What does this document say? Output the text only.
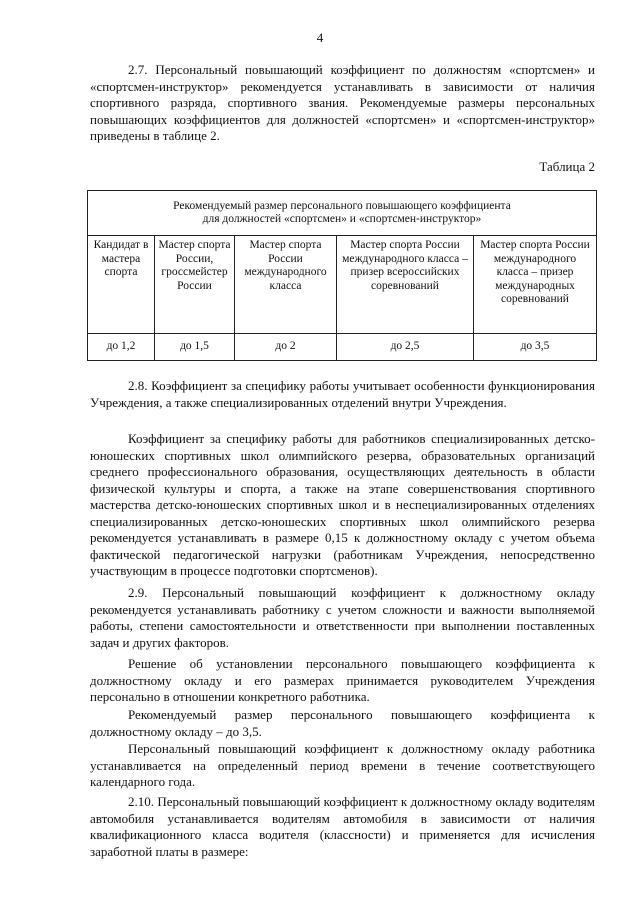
4

2.7. Персональный повышающий коэффициент по должностям «спортсмен» и «спортсмен-инструктор» рекомендуется устанавливать в зависимости от наличия спортивного разряда, спортивного звания. Рекомендуемые размеры персональных повышающих коэффициентов для должностей «спортсмен» и «спортсмен-инструктор» приведены в таблице 2.

Таблица 2
Рекомендуемый размер персонального повышающего коэффициента
для должностей «спортсмен» и «спортсмен-инструктор»				
Кандидат в мастера спорта	Мастер спорта России, гроссмейстер России	Мастер спорта России международного класса	Мастер спорта России международного класса – призер всероссийских соревнований	Мастер спорта России международного класса – призер международных соревнований
до 1,2	до 1,5	до 2	до 2,5	до 3,5

2.8. Коэффициент за специфику работы учитывает особенности функционирования Учреждения, а также специализированных отделений внутри Учреждения.

Коэффициент за специфику работы для работников специализированных детско-юношеских спортивных школ олимпийского резерва, образовательных организаций среднего профессионального образования, осуществляющих деятельность в области физической культуры и спорта, а также на этапе совершенствования спортивного мастерства детско-юношеских спортивных школ и в неспециализированных отделениях специализированных детско-юношеских спортивных школ олимпийского резерва рекомендуется устанавливать в размере 0,15 к должностному окладу с учетом объема фактической педагогической нагрузки (работникам Учреждения, непосредственно участвующим в процессе подготовки спортсменов).

2.9. Персональный повышающий коэффициент к должностному окладу рекомендуется устанавливать работнику с учетом сложности и важности выполняемой работы, степени самостоятельности и ответственности при выполнении поставленных задач и других факторов.

Решение об установлении персонального повышающего коэффициента к должностному окладу и его размерах принимается руководителем Учреждения персонально в отношении конкретного работника.

Рекомендуемый размер персонального повышающего коэффициента к должностному окладу – до 3,5.

Персональный повышающий коэффициент к должностному окладу работника устанавливается на определенный период времени в течение соответствующего календарного года.

2.10. Персональный повышающий коэффициент к должностному окладу водителям автомобиля устанавливается водителям автомобиля в зависимости от наличия квалификационного класса водителя (классности) и применяется для исчисления заработной платы в размере:
